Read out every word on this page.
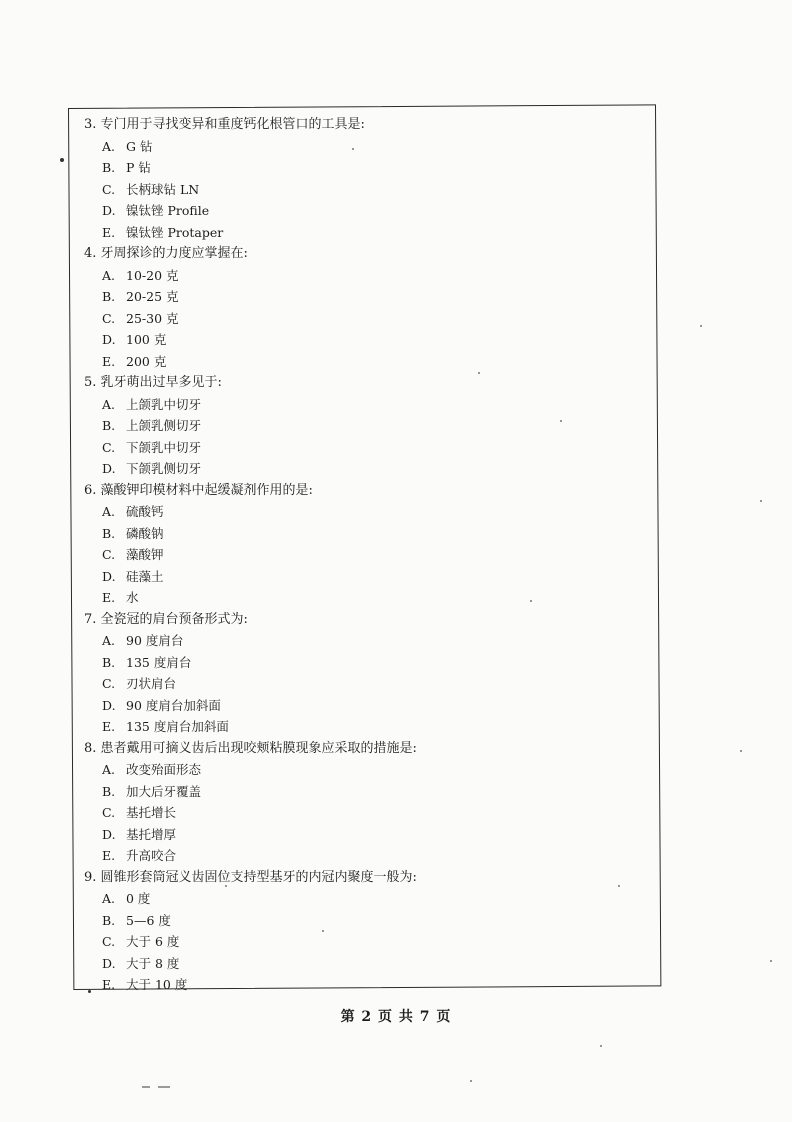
3. 专门用于寻找变异和重度钙化根管口的工具是:
A. G 钻
B. P 钻
C. 长柄球钻 LN
D. 镍钛锉 Profile
E. 镍钛锉 Protaper
4. 牙周探诊的力度应掌握在:
A. 10-20 克
B. 20-25 克
C. 25-30 克
D. 100 克
E. 200 克
5. 乳牙萌出过早多见于:
A. 上颌乳中切牙
B. 上颌乳侧切牙
C. 下颌乳中切牙
D. 下颌乳侧切牙
6. 藻酸钾印模材料中起缓凝剂作用的是:
A. 硫酸钙
B. 磷酸钠
C. 藻酸钾
D. 硅藻土
E. 水
7. 全瓷冠的肩台预备形式为:
A. 90 度肩台
B. 135 度肩台
C. 刃状肩台
D. 90 度肩台加斜面
E. 135 度肩台加斜面
8. 患者戴用可摘义齿后出现咬颊粘膜现象应采取的措施是:
A. 改变殆面形态
B. 加大后牙覆盖
C. 基托增长
D. 基托增厚
E. 升高咬合
9. 圆锥形套筒冠义齿固位支持型基牙的内冠内聚度一般为:
A. 0 度
B. 5—6 度
C. 大于 6 度
D. 大于 8 度
E. 大于 10 度
第 2 页 共 7 页
